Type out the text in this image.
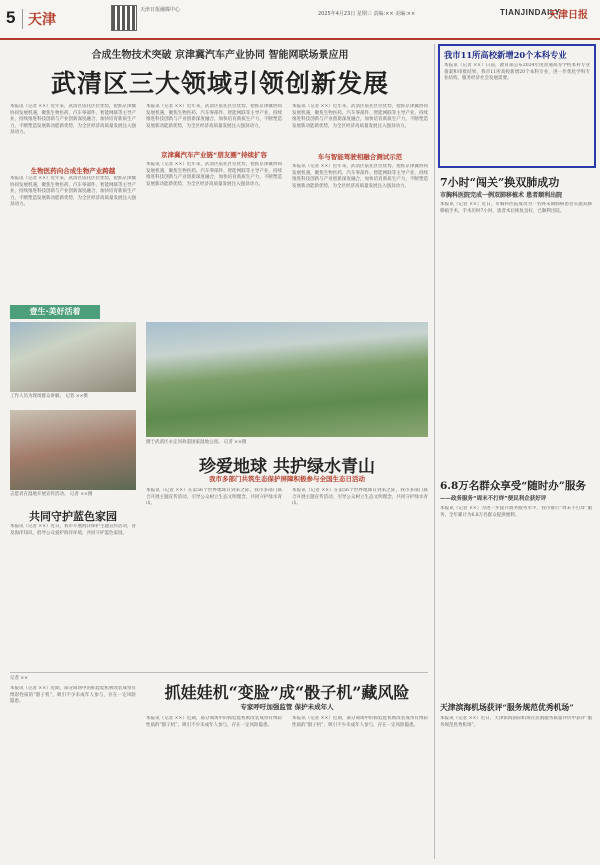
5 天津
天津日报融媒中心
2025年4月23日 星期三 责编:×× 美编:××	TIANJINDAILY
天津日报
合成生物技术突破 京津冀汽车产业协同 智能网联场景应用
武清区三大领域引领创新发展
本报讯（记者 ××）近年来，武清区依托区位优势，抢抓京津冀协同发展机遇，聚焦生物医药、汽车零部件、智能网联等主导产业，持续推进科技创新与产业创新深度融合，加快培育新质生产力，不断塑造发展新动能新优势，为全区经济高质量发展注入强劲动力。
生物医药向合成生物产业跨越
本报讯（记者 ××）近年来，武清区依托区位优势，抢抓京津冀协同发展机遇，聚焦生物医药、汽车零部件、智能网联等主导产业，持续推进科技创新与产业创新深度融合，加快培育新质生产力，不断塑造发展新动能新优势，为全区经济高质量发展注入强劲动力。
本报讯（记者 ××）近年来，武清区依托区位优势，抢抓京津冀协同发展机遇，聚焦生物医药、汽车零部件、智能网联等主导产业，持续推进科技创新与产业创新深度融合，加快培育新质生产力，不断塑造发展新动能新优势，为全区经济高质量发展注入强劲动力。
京津冀汽车产业链“朋友圈”持续扩容
本报讯（记者 ××）近年来，武清区依托区位优势，抢抓京津冀协同发展机遇，聚焦生物医药、汽车零部件、智能网联等主导产业，持续推进科技创新与产业创新深度融合，加快培育新质生产力，不断塑造发展新动能新优势，为全区经济高质量发展注入强劲动力。
本报讯（记者 ××）近年来，武清区依托区位优势，抢抓京津冀协同发展机遇，聚焦生物医药、汽车零部件、智能网联等主导产业，持续推进科技创新与产业创新深度融合，加快培育新质生产力，不断塑造发展新动能新优势，为全区经济高质量发展注入强劲动力。
车与智能驾驶相融合测试示范
本报讯（记者 ××）近年来，武清区依托区位优势，抢抓京津冀协同发展机遇，聚焦生物医药、汽车零部件、智能网联等主导产业，持续推进科技创新与产业创新深度融合，加快培育新质生产力，不断塑造发展新动能新优势，为全区经济高质量发展注入强劲动力。
壹生·美好活着
工作人员为现场群众讲解。 记者 ××摄
志愿者在湿地开展宣传活动。 记者 ××摄
摄于武清区永定河故道国家湿地公园。 记者 ××摄
珍爱地球 共护绿水青山
我市多部门共筑生态保护屏障积极参与全国生态日活动
本报讯（记者 ××）在第56个世界地球日到来之际，我市多部门联合开展主题宣传活动，引导公众树立生态文明理念，共同守护绿水青山。
本报讯（记者 ××）在第56个世界地球日到来之际，我市多部门联合开展主题宣传活动，引导公众树立生态文明理念，共同守护绿水青山。
共同守护蓝色家园
本报讯（记者 ××）近日，我市开展海洋保护主题宣传活动，普及海洋知识，倡导公众爱护海洋环境，共同守护蓝色家园。
记者 ××
本报讯（记者 ××）近期，部分商场中的抓娃娃机被改装成带有博彩性质的“骰子机”，吸引不少未成年人参与，存在一定风险隐患。	抓娃娃机“变脸”成“骰子机”藏风险
专家呼吁加强监管 保护未成年人
本报讯（记者 ××）近期，部分商场中的抓娃娃机被改装成带有博彩性质的“骰子机”，吸引不少未成年人参与，存在一定风险隐患。
本报讯（记者 ××）近期，部分商场中的抓娃娃机被改装成带有博彩性质的“骰子机”，吸引不少未成年人参与，存在一定风险隐患。
我市11所高校新增20个本科专业
本报讯（记者 ××）日前，教育部公布2024年度普通高等学校本科专业备案和审批结果，我市11所高校新增20个本科专业，进一步优化学科专业结构，服务经济社会发展需要。
7小时“闯关”换双肺成功
市胸科医院完成一例双肺移植术 患者顺利出院
本报讯（记者 ××）近日，市胸科医院成功为一名终末期肺病患者实施双肺移植手术，手术历时7小时，患者术后恢复良好，已顺利出院。
6.8万名群众享受“随时办”服务
——政务服务“周末不打烊”便民利企获好评
本报讯（记者 ××）为进一步提升政务服务水平，我市推行“周末不打烊”服务，全年累计为6.8万名群众提供便利。
天津滨海机场获评“服务规范优秀机场”
本报讯（记者 ××）近日，天津滨海国际机场在民航服务质量评价中获评“服务规范优秀机场”。
